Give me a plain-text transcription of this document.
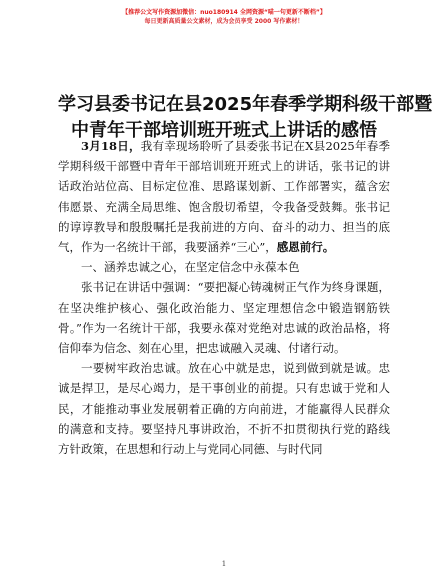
【推荐公文写作资源加微信：nuo180914 全网资源“喵一句更新不断档”】
每日更新高质量公文素材，成为会员享受 2000 写作素材！
学习县委书记在县2025年春季学期科级干部暨
中青年干部培训班开班式上讲话的感悟

3月18日，我有幸现场聆听了县委张书记在X县2025年春季学期科级干部暨中青年干部培训班开班式上的讲话，张书记的讲话政治站位高、目标定位准、思路谋划新、工作部署实，蕴含宏伟愿景、充满全局思维、饱含殷切希望，令我备受鼓舞。张书记的谆谆教导和殷殷嘱托是我前进的方向、奋斗的动力、担当的底气，作为一名统计干部，我要涵养“三心”，感恩前行。

一、涵养忠诚之心，在坚定信念中永葆本色

张书记在讲话中强调：“要把凝心铸魂树正气作为终身课题，在坚决维护核心、强化政治能力、坚定理想信念中锻造钢筋铁骨。”作为一名统计干部，我要永葆对党绝对忠诚的政治品格，将信仰奉为信念、刻在心里，把忠诚融入灵魂、付诸行动。

一要树牢政治忠诚。放在心中就是忠，说到做到就是诚。忠诚是捍卫，是尽心竭力，是干事创业的前提。只有忠诚于党和人民，才能推动事业发展朝着正确的方向前进，才能赢得人民群众的满意和支持。要坚持凡事讲政治，不折不扣贯彻执行党的路线方针政策，在思想和行动上与党同心同德、与时代同

1
